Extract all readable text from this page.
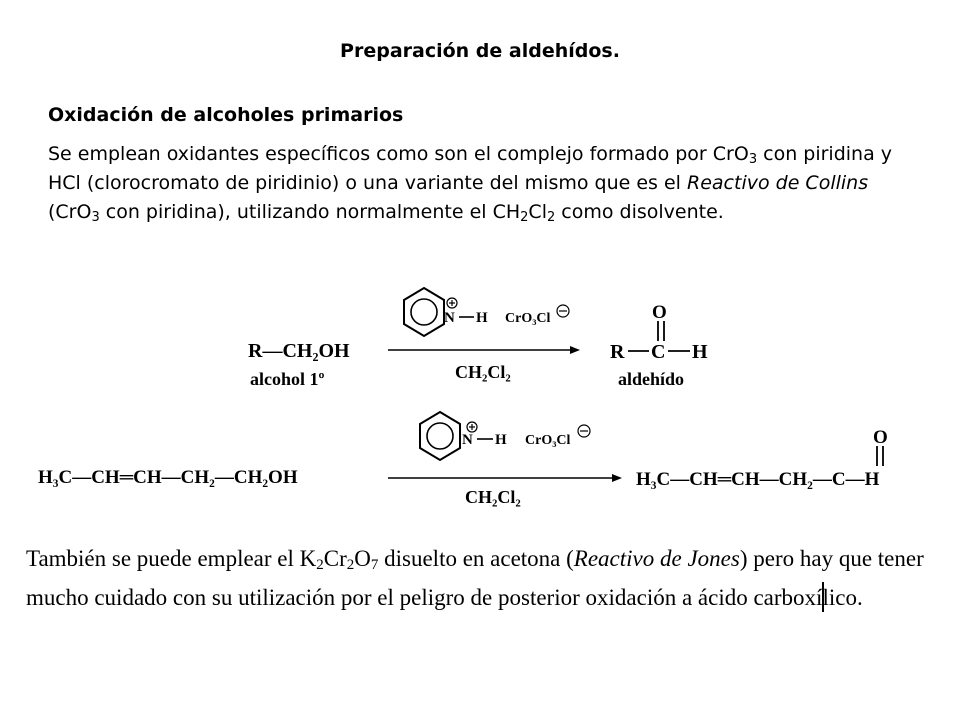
Preparación de aldehídos.
Oxidación de alcoholes primarios
Se emplean oxidantes específicos como son el complejo formado por CrO$_3$ con piridina y HCl (clorocromato de piridinio) o una variante del mismo que es el Reactivo de Collins (CrO$_3$ con piridina), utilizando normalmente el $CH_2Cl_2$ como disolvente.
N H CrO₃Cl
R—CH₂OH
alcohol 1º	CH₂Cl₂
O
R C H
aldehído
N H CrO₃Cl
H₃C—CH═CH—CH₂—CH₂OH
CH₂Cl₂
O
H₃C—CH═CH—CH₂—C—H
También se puede emplear el $K_2Cr_2O_7$ disuelto en acetona (Reactivo de Jones) pero hay que tener mucho cuidado con su utilización por el peligro de posterior oxidación a ácido carboxílico.
